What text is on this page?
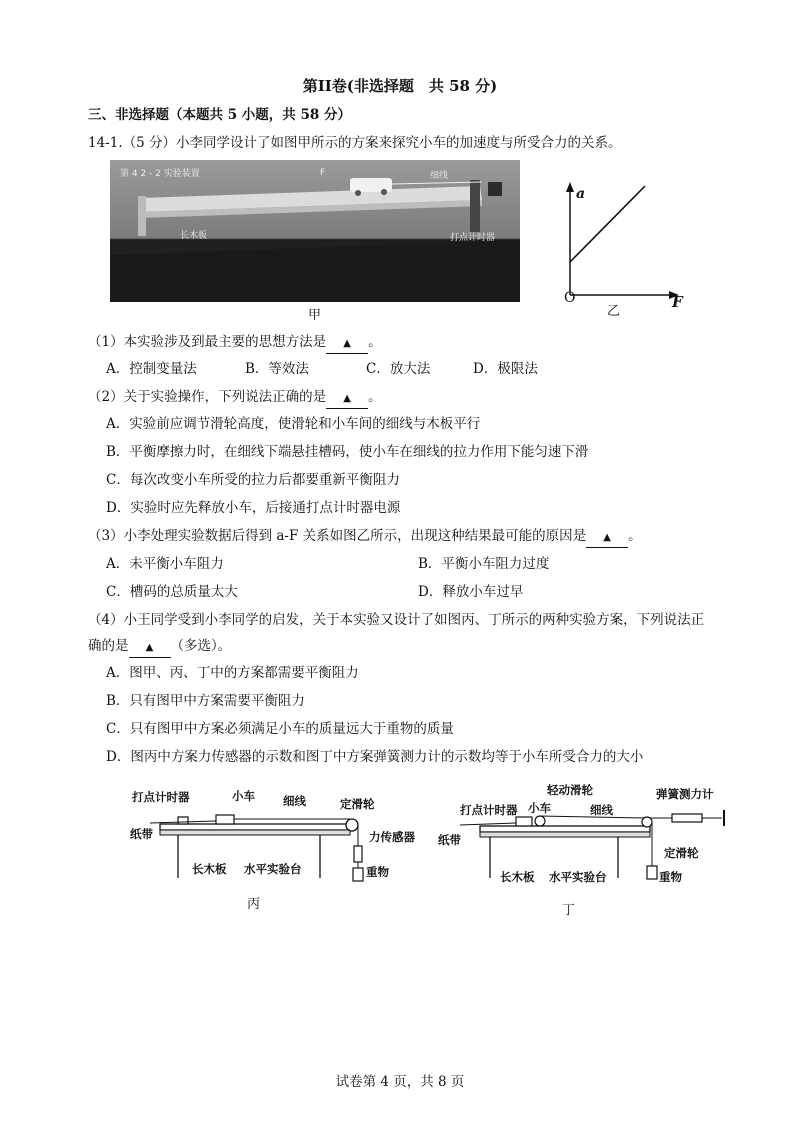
第II卷(非选择题　共 58 分)
三、非选择题（本题共 5 小题，共 58 分）
14-1.（5 分）小李同学设计了如图甲所示的方案来探究小车的加速度与所受合力的关系。
第 4 2 - 2 实验装置	F	细线
长木板	打点计时器
甲
a
F
O
乙
（1）本实验涉及到最主要的思想方法是 ▲ 。
A．控制变量法	B．等效法	C．放大法	D．极限法
（2）关于实验操作，下列说法正确的是 ▲ 。
A．实验前应调节滑轮高度，使滑轮和小车间的细线与木板平行
B．平衡摩擦力时，在细线下端悬挂槽码，使小车在细线的拉力作用下能匀速下滑
C．每次改变小车所受的拉力后都要重新平衡阻力
D．实验时应先释放小车，后接通打点计时器电源
（3）小李处理实验数据后得到 a-F 关系如图乙所示，出现这种结果最可能的原因是 ▲ 。
A．未平衡小车阻力	B．平衡小车阻力过度
C．槽码的总质量太大	D．释放小车过早
（4）小王同学受到小李同学的启发，关于本实验又设计了如图丙、丁所示的两种实验方案，下列说法正
确的是 ▲ （多选）。
A．图甲、丙、丁中的方案都需要平衡阻力
B．只有图甲中方案需要平衡阻力
C．只有图甲中方案必须满足小车的质量远大于重物的质量
D．图丙中方案力传感器的示数和图丁中方案弹簧测力计的示数均等于小车所受合力的大小
打点计时器	小车 细线	定滑轮
纸带	力传感器
长木板 水平实验台	重物
丙
轻动滑轮	弹簧测力计
打点计时器 小车	细线
纸带
定滑轮
长木板 水平实验台	重物
丁
试卷第 4 页，共 8 页
